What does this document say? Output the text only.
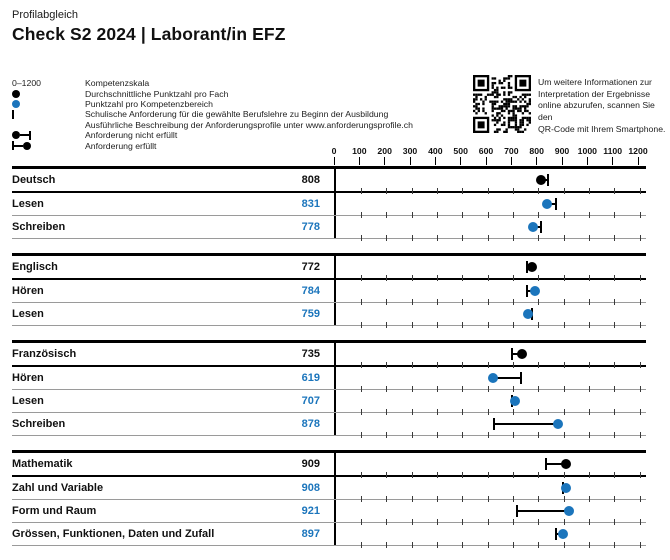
Profilabgleich
Check S2 2024 | Laborant/in EFZ
0–1200	Kompetenzskala
Durchschnittliche Punktzahl pro Fach
Punktzahl pro Kompetenzbereich
Schulische Anforderung für die gewählte Berufslehre zu Beginn der Ausbildung
Ausführliche Beschreibung der Anforderungsprofile unter www.anforderungsprofile.ch
Anforderung nicht erfüllt
Anforderung erfüllt
Um weitere Informationen zur
Interpretation der Ergebnisse
online abzurufen, scannen Sie den
QR-Code mit Ihrem Smartphone.
0	100	200	300	400	500	600	700	800	900 1000 1100 1200
Deutsch	808
Lesen	831
Schreiben	778
Englisch	772
Hören	784
Lesen	759
Französisch	735
Hören	619
Lesen	707
Schreiben	878
Mathematik	909
Zahl und Variable	908
Form und Raum	921
Grössen, Funktionen, Daten und Zufall	897
